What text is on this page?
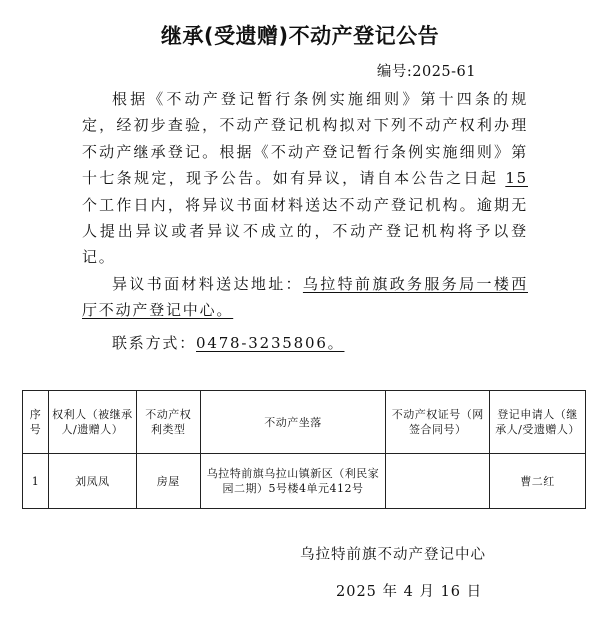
继承(受遗赠)不动产登记公告
编号:2025-61

根据《不动产登记暂行条例实施细则》第十四条的规定，经初步查验，不动产登记机构拟对下列不动产权利办理不动产继承登记。根据《不动产登记暂行条例实施细则》第十七条规定，现予公告。如有异议，请自本公告之日起 15 个工作日内，将异议书面材料送达不动产登记机构。逾期无人提出异议或者异议不成立的，不动产登记机构将予以登记。

异议书面材料送达地址：乌拉特前旗政务服务局一楼西厅不动产登记中心。

联系方式：0478-3235806。

序号	权利人（被继承人/遗赠人）	不动产权利类型	不动产坐落	不动产权证号（网签合同号）	登记申请人（继承人/受遗赠人）
1	刘凤凤	房屋	乌拉特前旗乌拉山镇新区（利民家园二期）5号楼4单元412号		曹二红
乌拉特前旗不动产登记中心
2025 年 4 月 16 日
